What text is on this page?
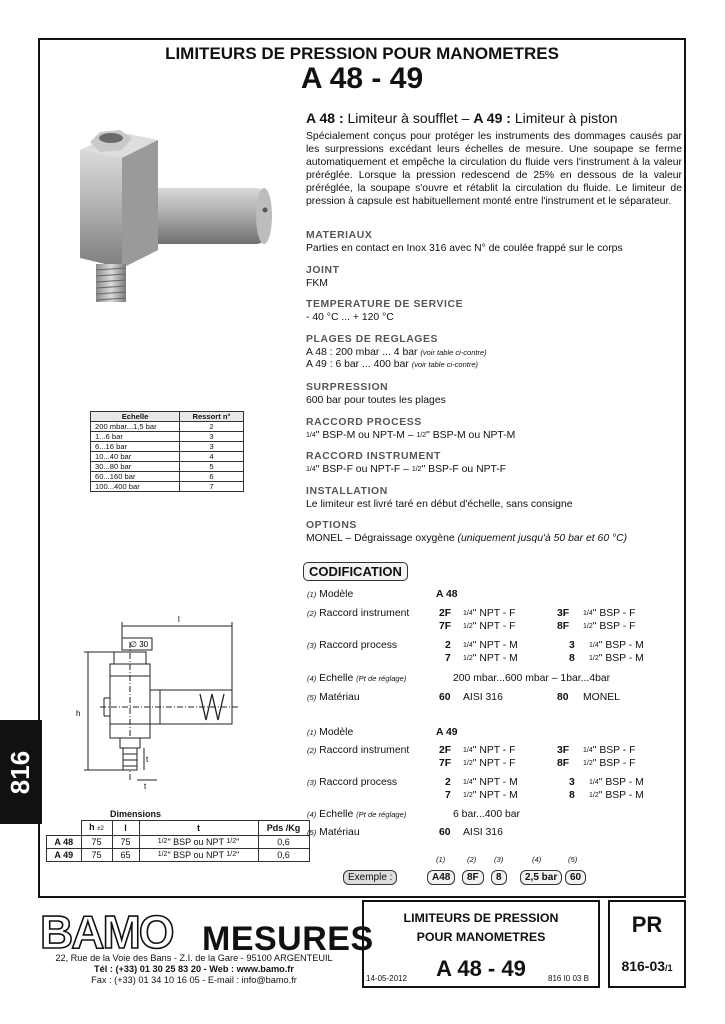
816
LIMITEURS DE PRESSION POUR MANOMETRES
A 48 - 49
A 48 : Limiteur à soufflet – A 49 : Limiteur à piston
Spécialement conçus pour protéger les instruments des dommages causés par les surpressions excédant leurs échelles de mesure. Une soupape se ferme automatiquement et empêche la circulation du fluide vers l'instrument à la valeur préréglée. Lorsque la pression redescend de 25% en dessous de la valeur préréglée, la soupape s'ouvre et rétablit la circulation du fluide. Le limiteur de pression à capsule est habituellement monté entre l'instrument et le séparateur.
MATERIAUX
Parties en contact en Inox 316 avec N° de coulée frappé sur le corps
JOINT
FKM
TEMPERATURE DE SERVICE
- 40 °C ... + 120 °C
PLAGES DE REGLAGES
A 48 : 200 mbar ... 4 bar (voir table ci-contre)
A 49 : 6 bar ... 400 bar (voir table ci-contre)
SURPRESSION
600 bar pour toutes les plages
RACCORD PROCESS
$^{1/4}$" BSP-M ou NPT-M – $^{1/2}$" BSP-M ou NPT-M
RACCORD INSTRUMENT
$^{1/4}$" BSP-F ou NPT-F – $^{1/2}$" BSP-F ou NPT-F
INSTALLATION
Le limiteur est livré taré en début d'échelle, sans consigne
OPTIONS
MONEL – Dégraissage oxygène (uniquement jusqu'à 50 bar et 60 °C)
Echelle	Ressort n°
200 mbar...1,5 bar	2
1...6 bar	3
6...16 bar	3
10...40 bar	4
30...80 bar	5
60...160 bar	6
100...400 bar	7
∅ 30
l
h
t
t
Dimensions
	h ±2	l	t	Pds /Kg
A 48	75	75	$^{1/2}$" BSP ou NPT $^{1/2}$"	0,6
A 49	75	65	$^{1/2}$" BSP ou NPT $^{1/2}$"	0,6
CODIFICATION
(1) Modèle	A 48
(2) Raccord instrument	2F $^{1/4}$" NPT - F	3F $^{1/4}$" BSP - F
7F $^{1/2}$" NPT - F	8F $^{1/2}$" BSP - F
(3) Raccord process	2 $^{1/4}$" NPT - M	3 $^{1/4}$" BSP - M
7 $^{1/2}$" NPT - M	8 $^{1/2}$" BSP - M
(4) Echelle (Pt de réglage)	200 mbar...600 mbar – 1bar...4bar
(5) Matériau	60 AISI 316	80 MONEL
(1) Modèle	A 49
(2) Raccord instrument	2F $^{1/4}$" NPT - F	3F $^{1/4}$" BSP - F
7F $^{1/2}$" NPT - F	8F $^{1/2}$" BSP - F
(3) Raccord process	2 $^{1/4}$" NPT - M	3 $^{1/4}$" BSP - M
7 $^{1/2}$" NPT - M	8 $^{1/2}$" BSP - M
(4) Echelle (Pt de réglage)	6 bar...400 bar
(5) Matériau	60 AISI 316
(1)	(2) (3)	(4)	(5)
Exemple :	A48	8F	8	2,5 bar	60
BAMO MESURES
22, Rue de la Voie des Bans - Z.I. de la Gare - 95100 ARGENTEUIL
Tél : (+33) 01 30 25 83 20 - Web : www.bamo.fr
Fax : (+33) 01 34 10 16 05 - E-mail : info@bamo.fr
LIMITEURS DE PRESSION
POUR MANOMETRES
A 48 - 49
14-05-2012	816 I0 03 B
PR
816-03/1
